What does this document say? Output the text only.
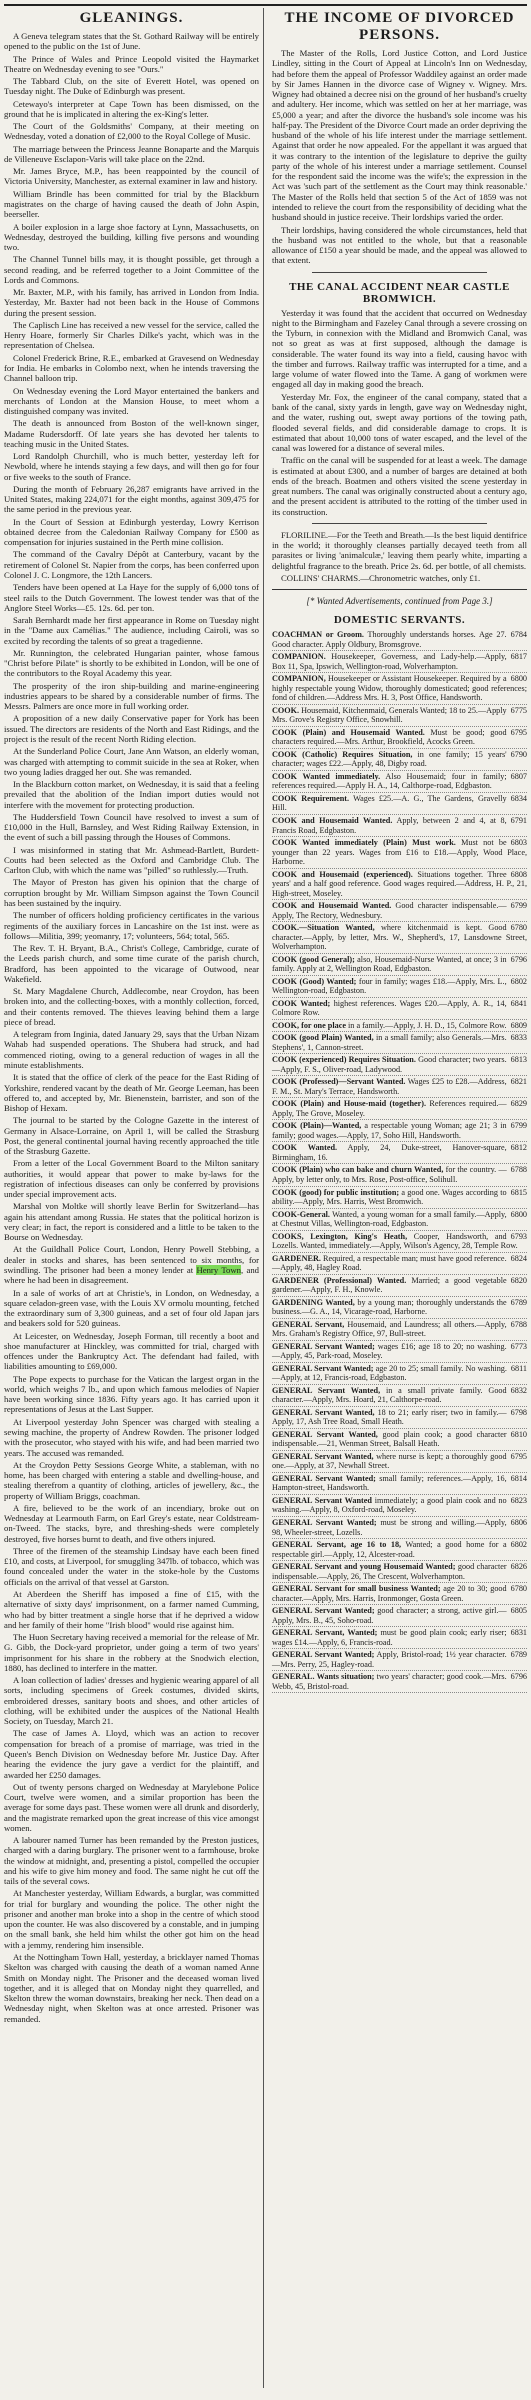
GLEANINGS.

A Geneva telegram states that the St. Gothard Railway will be entirely opened to the public on the 1st of June.

The Prince of Wales and Prince Leopold visited the Haymarket Theatre on Wednesday evening to see "Ours."

The Tabbard Club, on the site of Everett Hotel, was opened on Tuesday night. The Duke of Edinburgh was present.

Cetewayo's interpreter at Cape Town has been dismissed, on the ground that he is implicated in altering the ex-King's letter.

The Court of the Goldsmiths' Company, at their meeting on Wednesday, voted a donation of £2,000 to the Royal College of Music.

The marriage between the Princess Jeanne Bonaparte and the Marquis de Villeneuve Esclapon-Varis will take place on the 22nd.

Mr. James Bryce, M.P., has been reappointed by the council of Victoria University, Manchester, as external examiner in law and history.

William Brindle has been committed for trial by the Blackburn magistrates on the charge of having caused the death of John Aspin, beerseller.

A boiler explosion in a large shoe factory at Lynn, Massachusetts, on Wednesday, destroyed the building, killing five persons and wounding two.

The Channel Tunnel bills may, it is thought possible, get through a second reading, and be referred together to a Joint Committee of the Lords and Commons.

Mr. Baxter, M.P., with his family, has arrived in London from India. Yesterday, Mr. Baxter had not been back in the House of Commons during the present session.

The Caplisch Line has received a new vessel for the service, called the Henry Hoare, formerly Sir Charles Dilke's yacht, which was in the representation of Chelsea.

Colonel Frederick Brine, R.E., embarked at Gravesend on Wednesday for India. He embarks in Colombo next, when he intends traversing the Channel balloon trip.

On Wednesday evening the Lord Mayor entertained the bankers and merchants of London at the Mansion House, to meet whom a distinguished company was invited.

The death is announced from Boston of the well-known singer, Madame Rudersdorff. Of late years she has devoted her talents to teaching music in the United States.

Lord Randolph Churchill, who is much better, yesterday left for Newbold, where he intends staying a few days, and will then go for four or five weeks to the south of France.

During the month of February 26,287 emigrants have arrived in the United States, making 224,071 for the eight months, against 309,475 for the same period in the previous year.

In the Court of Session at Edinburgh yesterday, Lowry Kerrison obtained decree from the Caledonian Railway Company for £500 as compensation for injuries sustained in the Perth mine collision.

The command of the Cavalry Dépôt at Canterbury, vacant by the retirement of Colonel St. Napier from the corps, has been conferred upon Colonel J. C. Longmore, the 12th Lancers.

Tenders have been opened at La Haye for the supply of 6,000 tons of steel rails to the Dutch Government. The lowest tender was that of the Anglore Steel Works—£5. 12s. 6d. per ton.

Sarah Bernhardt made her first appearance in Rome on Tuesday night in the "Dame aux Camélias." The audience, including Cairoli, was so excited by recording the talents of so great a tragedienne.

Mr. Runnington, the celebrated Hungarian painter, whose famous "Christ before Pilate" is shortly to be exhibited in London, will be one of the contributors to the Royal Academy this year.

The prosperity of the iron ship-building and marine-engineering industries appears to be shared by a considerable number of firms. The Messrs. Palmers are once more in full working order.

A proposition of a new daily Conservative paper for York has been issued. The directors are residents of the North and East Ridings, and the project is the result of the recent North Riding election.

At the Sunderland Police Court, Jane Ann Watson, an elderly woman, was charged with attempting to commit suicide in the sea at Roker, when two young ladies dragged her out. She was remanded.

In the Blackburn cotton market, on Wednesday, it is said that a feeling prevailed that the abolition of the Indian import duties would not interfere with the movement for protecting production.

The Huddersfield Town Council have resolved to invest a sum of £10,000 in the Hull, Barnsley, and West Riding Railway Extension, in the event of such a bill passing through the Houses of Commons.

I was misinformed in stating that Mr. Ashmead-Bartlett, Burdett-Coutts had been selected as the Oxford and Cambridge Club. The Carlton Club, with which the name was "pilled" so ruthlessly.—Truth.

The Mayor of Preston has given his opinion that the charge of corruption brought by Mr. William Simpson against the Town Council has been sustained by the inquiry.

The number of officers holding proficiency certificates in the various regiments of the auxiliary forces in Lancashire on the 1st inst. were as follows—Militia, 399; yeomanry, 17; volunteers, 564; total, 565.

The Rev. T. H. Bryant, B.A., Christ's College, Cambridge, curate of the Leeds parish church, and some time curate of the parish church, Bradford, has been appointed to the vicarage of Outwood, near Wakefield.

St. Mary Magdalene Church, Addlecombe, near Croydon, has been broken into, and the collecting-boxes, with a monthly collection, forced, and their contents removed. The thieves leaving behind them a large piece of bread.

A telegram from Inginia, dated January 29, says that the Urban Nizam Wahab had suspended operations. The Shubera had struck, and had commenced rioting, owing to a general reduction of wages in all the minute establishments.

It is stated that the office of clerk of the peace for the East Riding of Yorkshire, rendered vacant by the death of Mr. George Leeman, has been offered to, and accepted by, Mr. Bienenstein, barrister, and son of the Bishop of Hexam.

The journal to be started by the Cologne Gazette in the interest of Germany in Alsace-Lorraine, on April 1, will be called the Strasburg Post, the general continental journal having recently approached the title of the Strasburg Gazette.

From a letter of the Local Government Board to the Milton sanitary authorities, it would appear that power to make by-laws for the registration of infectious diseases can only be conferred by provisions under special improvement acts.

Marshal von Moltke will shortly leave Berlin for Switzerland—has again his attendant among Russia. He states that the political horizon is very clear; in fact, the report is considered and a little to be taken to the Bourse on Wednesday.

At the Guildhall Police Court, London, Henry Powell Stebbing, a dealer in stocks and shares, has been sentenced to six months, for swindling. The prisoner had been a money lender at Henry Town, and where he had been in disagreement.

In a sale of works of art at Christie's, in London, on Wednesday, a square celadon-green vase, with the Louis XV ormolu mounting, fetched the extraordinary sum of 3,300 guineas, and a set of four old Japan jars and beakers sold for 520 guineas.

At Leicester, on Wednesday, Joseph Forman, till recently a boot and shoe manufacturer at Hinckley, was committed for trial, charged with offences under the Bankruptcy Act. The defendant had failed, with liabilities amounting to £69,000.

The Pope expects to purchase for the Vatican the largest organ in the world, which weighs 7 lb., and upon which famous melodies of Napier have been working since 1836. Fifty years ago. It has carried upon it representations of Jesus at the Last Supper.

At Liverpool yesterday John Spencer was charged with stealing a sewing machine, the property of Andrew Rowden. The prisoner lodged with the prosecutor, who stayed with his wife, and had been married two years. The accused was remanded.

At the Croydon Petty Sessions George White, a stableman, with no home, has been charged with entering a stable and dwelling-house, and stealing therefrom a quantity of clothing, articles of jewellery, &c., the property of William Briggs, coachman.

A fire, believed to be the work of an incendiary, broke out on Wednesday at Learmouth Farm, on Earl Grey's estate, near Coldstream-on-Tweed. The stacks, byre, and threshing-sheds were completely destroyed, five horses burnt to death, and five others injured.

Three of the firemen of the steamship Lindsay have each been fined £10, and costs, at Liverpool, for smuggling 347lb. of tobacco, which was found concealed under the water in the stoke-hole by the Customs officials on the arrival of that vessel at Garston.

At Aberdeen the Sheriff has imposed a fine of £15, with the alternative of sixty days' imprisonment, on a farmer named Cumming, who had by bitter treatment a single horse that if he deprived a widow and her family of their home "Irish blood" would rise against him.

The Huon Secretary having received a memorial for the release of Mr. G. Gibb, the Dock-yard proprietor, under going a term of two years' imprisonment for his share in the robbery at the Snodwich election, 1880, has declined to interfere in the matter.

A loan collection of ladies' dresses and hygienic wearing apparel of all sorts, including specimens of Greek costumes, divided skirts, embroidered dresses, sanitary boots and shoes, and other articles of clothing, will be exhibited under the auspices of the National Health Society, on Tuesday, March 21.

The case of James A. Lloyd, which was an action to recover compensation for breach of a promise of marriage, was tried in the Queen's Bench Division on Wednesday before Mr. Justice Day. After hearing the evidence the jury gave a verdict for the plaintiff, and awarded her £250 damages.

Out of twenty persons charged on Wednesday at Marylebone Police Court, twelve were women, and a similar proportion has been the average for some days past. These women were all drunk and disorderly, and the magistrate remarked upon the great increase of this vice amongst women.

A labourer named Turner has been remanded by the Preston justices, charged with a daring burglary. The prisoner went to a farmhouse, broke the window at midnight, and, presenting a pistol, compelled the occupier and his wife to give him money and food. The same night he cut off the tails of the several cows.

At Manchester yesterday, William Edwards, a burglar, was committed for trial for burglary and wounding the police. The other night the prisoner and another man broke into a shop in the centre of which stood upon the counter. He was also discovered by a constable, and in jumping on the small bank, she held him whilst the other got him on the head with a jemmy, rendering him insensible.

At the Nottingham Town Hall, yesterday, a bricklayer named Thomas Skelton was charged with causing the death of a woman named Anne Smith on Monday night. The Prisoner and the deceased woman lived together, and it is alleged that on Monday night they quarrelled, and Skelton threw the woman downstairs, breaking her neck. Then dead on a Wednesday night, when Skelton was at once arrested. Prisoner was remanded.

THE INCOME OF DIVORCED PERSONS.

The Master of the Rolls, Lord Justice Cotton, and Lord Justice Lindley, sitting in the Court of Appeal at Lincoln's Inn on Wednesday, had before them the appeal of Professor Waddiley against an order made by Sir James Hannen in the divorce case of Wigney v. Wigney. Mrs. Wigney had obtained a decree nisi on the ground of her husband's cruelty and adultery. Her income, which was settled on her at her marriage, was £5,000 a year; and after the divorce the husband's sole income was his half-pay. The President of the Divorce Court made an order depriving the husband of the whole of his life interest under the marriage settlement. Against that order he now appealed. For the appellant it was argued that it was contrary to the intention of the legislature to deprive the guilty party of the whole of his interest under a marriage settlement. Counsel for the respondent said the income was the wife's; the expression in the Act was 'such part of the settlement as the Court may think reasonable.' The Master of the Rolls held that section 5 of the Act of 1859 was not intended to relieve the court from the responsibility of deciding what the husband should in justice receive. Their lordships varied the order.

Their lordships, having considered the whole circumstances, held that the husband was not entitled to the whole, but that a reasonable allowance of £150 a year should be made, and the appeal was allowed to that extent.

THE CANAL ACCIDENT NEAR CASTLE BROMWICH.

Yesterday it was found that the accident that occurred on Wednesday night to the Birmingham and Fazeley Canal through a severe crossing on the Tyburn, in connexion with the Midland and Bromwich Canal, was not so great as was at first supposed, although the damage is considerable. The water found its way into a field, causing havoc with the timber and furrows. Railway traffic was interrupted for a time, and a large volume of water flowed into the Tame. A gang of workmen were engaged all day in making good the breach.

Yesterday Mr. Fox, the engineer of the canal company, stated that a bank of the canal, sixty yards in length, gave way on Wednesday night, and the water, rushing out, swept away portions of the towing path, flooded several fields, and did considerable damage to crops. It is estimated that about 10,000 tons of water escaped, and the level of the canal was lowered for a distance of several miles.

Traffic on the canal will be suspended for at least a week. The damage is estimated at about £300, and a number of barges are detained at both ends of the breach. Boatmen and others visited the scene yesterday in great numbers. The canal was originally constructed about a century ago, and the present accident is attributed to the rotting of the timber used in its construction.

FLORILINE.—For the Teeth and Breath.—Is the best liquid dentifrice in the world; it thoroughly cleanses partially decayed teeth from all parasites or living 'animalculæ,' leaving them pearly white, imparting a delightful fragrance to the breath. Price 2s. 6d. per bottle, of all chemists.

COLLINS' CHARMS.—Chronometric watches, only £1.

[* Wanted Advertisements, continued from Page 3.]
DOMESTIC SERVANTS.

6784
COACHMAN or Groom. Thoroughly understands horses. Age 27. Good character. Apply Oldbury, Bromsgrove.

6817
COMPANION. Housekeeper, Governess, and Lady-help.—Apply, Box 11, Spa, Ipswich, Wellington-road, Wolverhampton.

6800
COMPANION, Housekeeper or Assistant Housekeeper. Required by a highly respectable young Widow, thoroughly domesticated; good references; fond of children.—Address Mrs. H. 3, Post Office, Handsworth.

6775
COOK. Housemaid, Kitchenmaid, Generals Wanted; 18 to 25.—Apply Mrs. Grove's Registry Office, Snowhill.

6795
COOK (Plain) and Housemaid Wanted. Must be good; good characters required.—Mrs. Arthur, Brookfield, Acocks Green.

6790
COOK (Catholic) Requires Situation, in one family; 15 years' character; wages £22.—Apply, 48, Digby road.

6807
COOK Wanted immediately. Also Housemaid; four in family; references required.—Apply H. A., 14, Calthorpe-road, Edgbaston.

6834
COOK Requirement. Wages £25.—A. G., The Gardens, Gravelly Hill.

6791
COOK and Housemaid Wanted. Apply, between 2 and 4, at 8, Francis Road, Edgbaston.

6803
COOK Wanted immediately (Plain) Must work. Must not be younger than 22 years. Wages from £16 to £18.—Apply, Wood Place, Harborne.

6808
COOK and Housemaid (experienced). Situations together. Three years' and a half good reference. Good wages required.—Address, H. P., 21, High-street, Moseley.

6799
COOK and Housemaid Wanted. Good character indispensable.—Apply, The Rectory, Wednesbury.

6780
COOK.—Situation Wanted, where kitchenmaid is kept. Good character.—Apply, by letter, Mrs. W., Shepherd's, 17, Lansdowne Street, Wolverhampton.

6796
COOK (good General); also, Housemaid-Nurse Wanted, at once; 3 in family. Apply at 2, Wellington Road, Edgbaston.

6802
COOK (Good) Wanted; four in family; wages £18.—Apply, Mrs. L., Wellington-road, Edgbaston.

6841
COOK Wanted; highest references. Wages £20.—Apply, A. R., 14, Colmore Row.

6809
COOK, for one place in a family.—Apply, J. H. D., 15, Colmore Row.

6833
COOK (good Plain) Wanted, in a small family; also Generals.—Mrs. Stephens', 1, Cannon-street.

6813
COOK (experienced) Requires Situation. Good character; two years.—Apply, F. S., Oliver-road, Ladywood.

6821
COOK (Professed)—Servant Wanted. Wages £25 to £28.—Address, F. M., St. Mary's Terrace, Handsworth.

6829
COOK (Plain) and House-maid (together). References required.—Apply, The Grove, Moseley.

6799
COOK (Plain)—Wanted, a respectable young Woman; age 21; 3 in family; good wages.—Apply, 17, Soho Hill, Handsworth.

6812
COOK Wanted. Apply, 24, Duke-street, Hanover-square, Birmingham, 16.

6788
COOK (Plain) who can bake and churn Wanted, for the country. —Apply, by letter only, to Mrs. Rose, Post-office, Solihull.

6815
COOK (good) for public institution; a good one. Wages according to ability.—Apply, Mrs. Harris, West Bromwich.

6800
COOK-General. Wanted, a young woman for a small family.—Apply, at Chestnut Villas, Wellington-road, Edgbaston.

6793
COOKS, Lexington, King's Heath, Cooper, Handsworth, and Lozells. Wanted, immediately.—Apply, Wilson's Agency, 28, Temple Row.

6824
GARDENER. Required, a respectable man; must have good reference.—Apply, 48, Hagley Road.

6820
GARDENER (Professional) Wanted. Married; a good vegetable gardener.—Apply, F. H., Knowle.

6789
GARDENING Wanted, by a young man; thoroughly understands the business.—G. A., 14, Vicarage-road, Harborne.

6788
GENERAL Servant, Housemaid, and Laundress; all others.—Apply, Mrs. Graham's Registry Office, 97, Bull-street.

6773
GENERAL Servant Wanted; wages £16; age 18 to 20; no washing.—Apply, 45, Park-road, Moseley.

6811
GENERAL Servant Wanted; age 20 to 25; small family. No washing.—Apply, at 12, Francis-road, Edgbaston.

6832
GENERAL Servant Wanted, in a small private family. Good character.—Apply, Mrs. Hoard, 21, Calthorpe-road.

6798
GENERAL Servant Wanted, 18 to 21; early riser; two in family.—Apply, 17, Ash Tree Road, Small Heath.

6810
GENERAL Servant Wanted, good plain cook; a good character indispensable.—21, Wenman Street, Balsall Heath.

6795
GENERAL Servant Wanted, where nurse is kept; a thoroughly good one.—Apply, at 37, Newhall Street.

6814
GENERAL Servant Wanted; small family; references.—Apply, 16, Hampton-street, Handsworth.

6823
GENERAL Servant Wanted immediately; a good plain cook and no washing.—Apply, 8, Oxford-road, Moseley.

6806
GENERAL Servant Wanted; must be strong and willing.—Apply, 98, Wheeler-street, Lozells.

6802
GENERAL Servant, age 16 to 18, Wanted; a good home for a respectable girl.—Apply, 12, Alcester-road.

6826
GENERAL Servant and young Housemaid Wanted; good character indispensable.—Apply, 26, The Crescent, Wolverhampton.

6780
GENERAL Servant for small business Wanted; age 20 to 30; good character.—Apply, Mrs. Harris, Ironmonger, Gosta Green.

6805
GENERAL Servant Wanted; good character; a strong, active girl.—Apply, Mrs. B., 45, Soho-road.

6831
GENERAL Servant, Wanted; must be good plain cook; early riser; wages £14.—Apply, 6, Francis-road.

6789
GENERAL Servant Wanted; Apply, Bristol-road; 1½ year character.—Mrs. Perry, 25, Hagley-road.

6796
GENERAL. Wants situation; two years' character; good cook.—Mrs. Webb, 45, Bristol-road.
